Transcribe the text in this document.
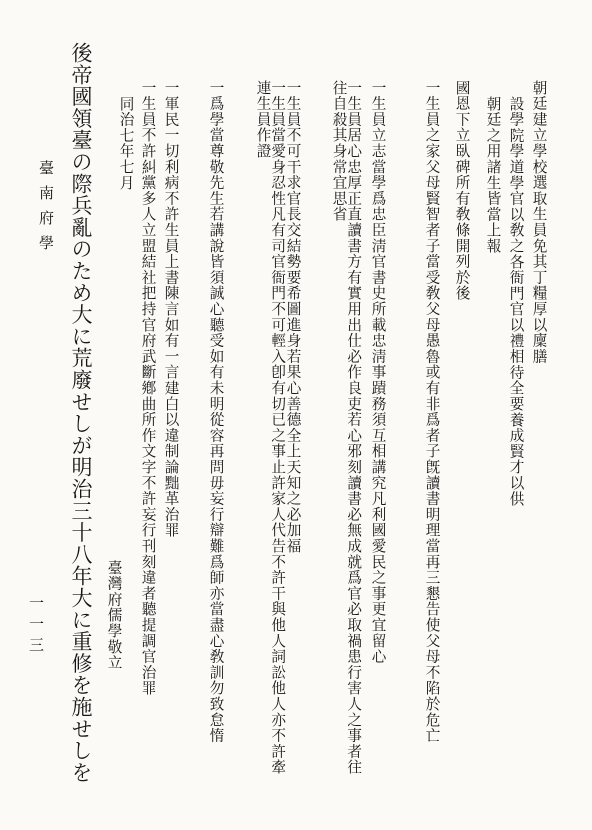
朝廷建立學校選取生員免其丁糧厚以廩膳
設學院學道學官以敎之各衙門官以禮相待全要養成賢才以供
朝廷之用諸生皆當上報
國恩下立臥碑所有敎條開列於後
一生員之家父母賢智者子當受敎父母愚魯或有非爲者子旣讀書明理當再三懇告使父母不陷於危亡
一生員立志當學爲忠臣淸官書史所載忠淸事蹟務須互相講究凡利國愛民之事更宜留心
一生員居心忠厚正直讀書方有實用出仕必作良吏若心邪刻讀書必無成就爲官必取禍患行害人之事者往往自殺其身常宜思省
一生員不可干求官長交結勢要希圖進身若果心善德全上天知之必加福
一生員當愛身忍性凡有司官衙門不可輕入卽有切已之事止許家人代告不許干與他人詞訟他人亦不許牽連生員作證
一爲學當尊敬先生若講說皆須誠心聽受如有未明從容再問毋妄行辯難爲師亦當盡心敎訓勿致怠惰
一軍民一切利病不許生員上書陳言如有一言建白以違制論黜革治罪
一生員不許糾黨多人立盟結社把持官府武斷鄕曲所作文字不許妄行刊刻違者聽提調官治罪
同治七年七月
臺灣府儒學敬立
後帝國領臺の際兵亂のため大に荒廢せしが明治三十八年大に重修を施せしを
臺南府學
一一三
